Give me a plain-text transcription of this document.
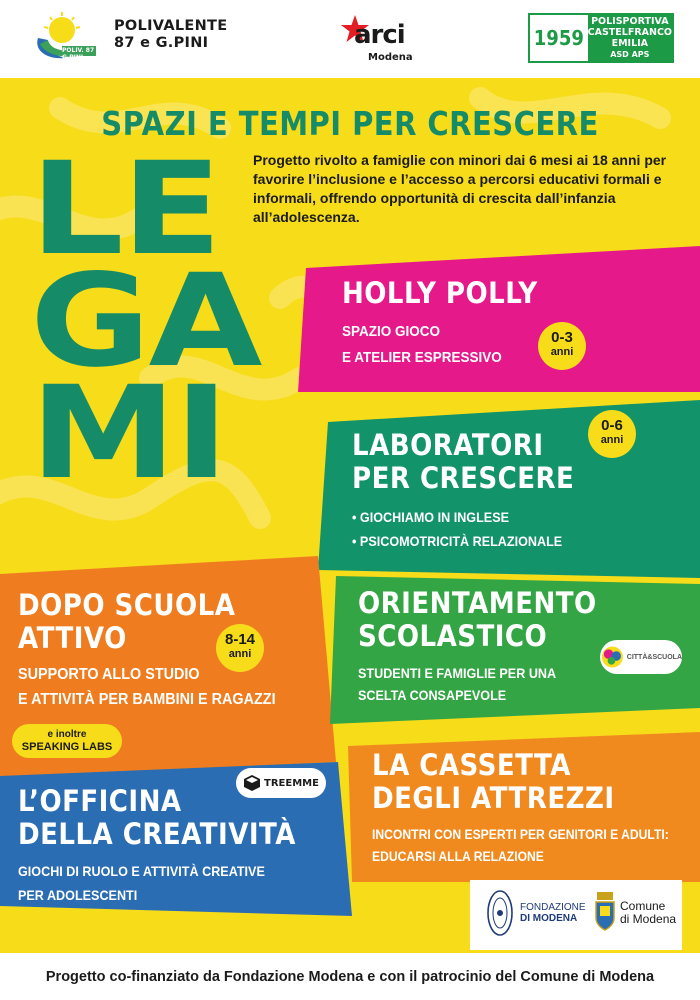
POLIV. 87 e G.PINI
POLIVALENTE
87 e G.PINI	arci
Modena
1959
POLISPORTIVA
CASTELFRANCO
EMILIA
ASD APS
SPAZI E TEMPI PER CRESCERE
LE
GA
MI
Progetto rivolto a famiglie con minori dai 6 mesi ai 18 anni per favorire l’inclusione e l’accesso a percorsi educativi formali e informali, offrendo opportunità di crescita dall’infanzia all’adolescenza.
HOLLY POLLY
SPAZIO GIOCO
E ATELIER ESPRESSIVO
0-3
anni
LABORATORI
PER CRESCERE
• GIOCHIAMO IN INGLESE
• PSICOMOTRICITÀ RELAZIONALE
0-6
anni
DOPO SCUOLA
ATTIVO
SUPPORTO ALLO STUDIO
E ATTIVITÀ PER BAMBINI E RAGAZZI
8-14
anni
e inoltre
SPEAKING LABS
ORIENTAMENTO
SCOLASTICO
STUDENTI E FAMIGLIE PER UNA
SCELTA CONSAPEVOLE
CITTÀ&SCUOLA
L’OFFICINA
DELLA CREATIVITÀ
GIOCHI DI RUOLO E ATTIVITÀ CREATIVE
PER ADOLESCENTI
TREEMME
LA CASSETTA
DEGLI ATTREZZI
INCONTRI CON ESPERTI PER GENITORI E ADULTI:
EDUCARSI ALLA RELAZIONE
FONDAZIONE
DI MODENA
Comune
di Modena
Progetto co-finanziato da Fondazione Modena e con il patrocinio del Comune di Modena
